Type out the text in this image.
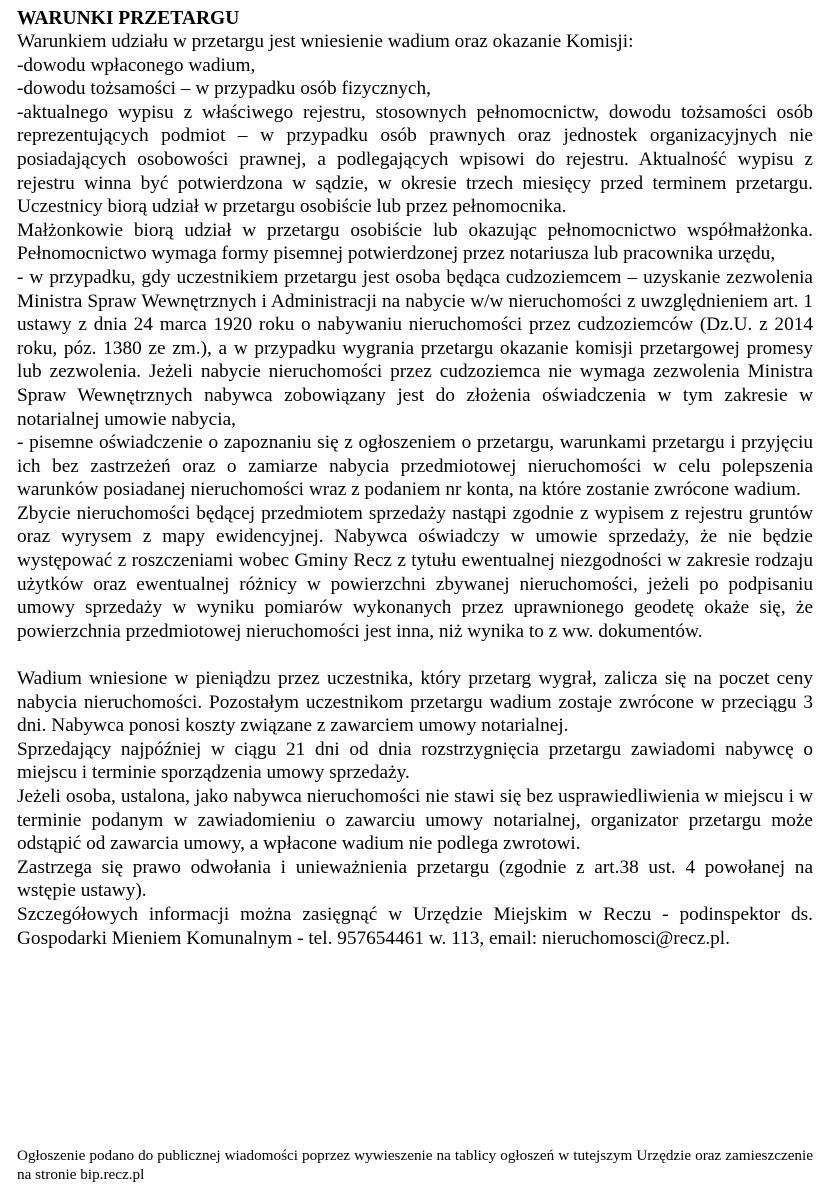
WARUNKI PRZETARGU

Warunkiem udziału w przetargu jest wniesienie wadium oraz okazanie Komisji:

-dowodu wpłaconego wadium,

-dowodu tożsamości – w przypadku osób fizycznych,

-aktualnego wypisu z właściwego rejestru, stosownych pełnomocnictw, dowodu tożsamości osób reprezentujących podmiot – w przypadku osób prawnych oraz jednostek organizacyjnych nie posiadających osobowości prawnej, a podlegających wpisowi do rejestru. Aktualność wypisu z rejestru winna być potwierdzona w sądzie, w okresie trzech miesięcy przed terminem przetargu. Uczestnicy biorą udział w przetargu osobiście lub przez pełnomocnika.

Małżonkowie biorą udział w przetargu osobiście lub okazując pełnomocnictwo współmałżonka. Pełnomocnictwo wymaga formy pisemnej potwierdzonej przez notariusza lub pracownika urzędu,

- w przypadku, gdy uczestnikiem przetargu jest osoba będąca cudzoziemcem – uzyskanie zezwolenia Ministra Spraw Wewnętrznych i Administracji na nabycie w/w nieruchomości z uwzględnieniem art. 1 ustawy z dnia 24 marca 1920 roku o nabywaniu nieruchomości przez cudzoziemców (Dz.U. z 2014 roku, póz. 1380 ze zm.), a w przypadku wygrania przetargu okazanie komisji przetargowej promesy lub zezwolenia. Jeżeli nabycie nieruchomości przez cudzoziemca nie wymaga zezwolenia Ministra Spraw Wewnętrznych nabywca zobowiązany jest do złożenia oświadczenia w tym zakresie w notarialnej umowie nabycia,

- pisemne oświadczenie o zapoznaniu się z ogłoszeniem o przetargu, warunkami przetargu i przyjęciu ich bez zastrzeżeń oraz o zamiarze nabycia przedmiotowej nieruchomości w celu polepszenia warunków posiadanej nieruchomości wraz z podaniem nr konta, na które zostanie zwrócone wadium.

Zbycie nieruchomości będącej przedmiotem sprzedaży nastąpi zgodnie z wypisem z rejestru gruntów oraz wyrysem z mapy ewidencyjnej. Nabywca oświadczy w umowie sprzedaży, że nie będzie występować z roszczeniami wobec Gminy Recz z tytułu ewentualnej niezgodności w zakresie rodzaju użytków oraz ewentualnej różnicy w powierzchni zbywanej nieruchomości, jeżeli po podpisaniu umowy sprzedaży w wyniku pomiarów wykonanych przez uprawnionego geodetę okaże się, że powierzchnia przedmiotowej nieruchomości jest inna, niż wynika to z ww. dokumentów.

Wadium wniesione w pieniądzu przez uczestnika, który przetarg wygrał, zalicza się na poczet ceny nabycia nieruchomości. Pozostałym uczestnikom przetargu wadium zostaje zwrócone w przeciągu 3 dni. Nabywca ponosi koszty związane z zawarciem umowy notarialnej.

Sprzedający najpóźniej w ciągu 21 dni od dnia rozstrzygnięcia przetargu zawiadomi nabywcę o miejscu i terminie sporządzenia umowy sprzedaży.

Jeżeli osoba, ustalona, jako nabywca nieruchomości nie stawi się bez usprawiedliwienia w miejscu i w terminie podanym w zawiadomieniu o zawarciu umowy notarialnej, organizator przetargu może odstąpić od zawarcia umowy, a wpłacone wadium nie podlega zwrotowi.

Zastrzega się prawo odwołania i unieważnienia przetargu (zgodnie z art.38 ust. 4 powołanej na wstępie ustawy).

Szczegółowych informacji można zasięgnąć w Urzędzie Miejskim w Reczu - podinspektor ds. Gospodarki Mieniem Komunalnym - tel. 957654461 w. 113, email: nieruchomosci@recz.pl.

Ogłoszenie podano do publicznej wiadomości poprzez wywieszenie na tablicy ogłoszeń w tutejszym Urzędzie oraz zamieszczenie na stronie bip.recz.pl
